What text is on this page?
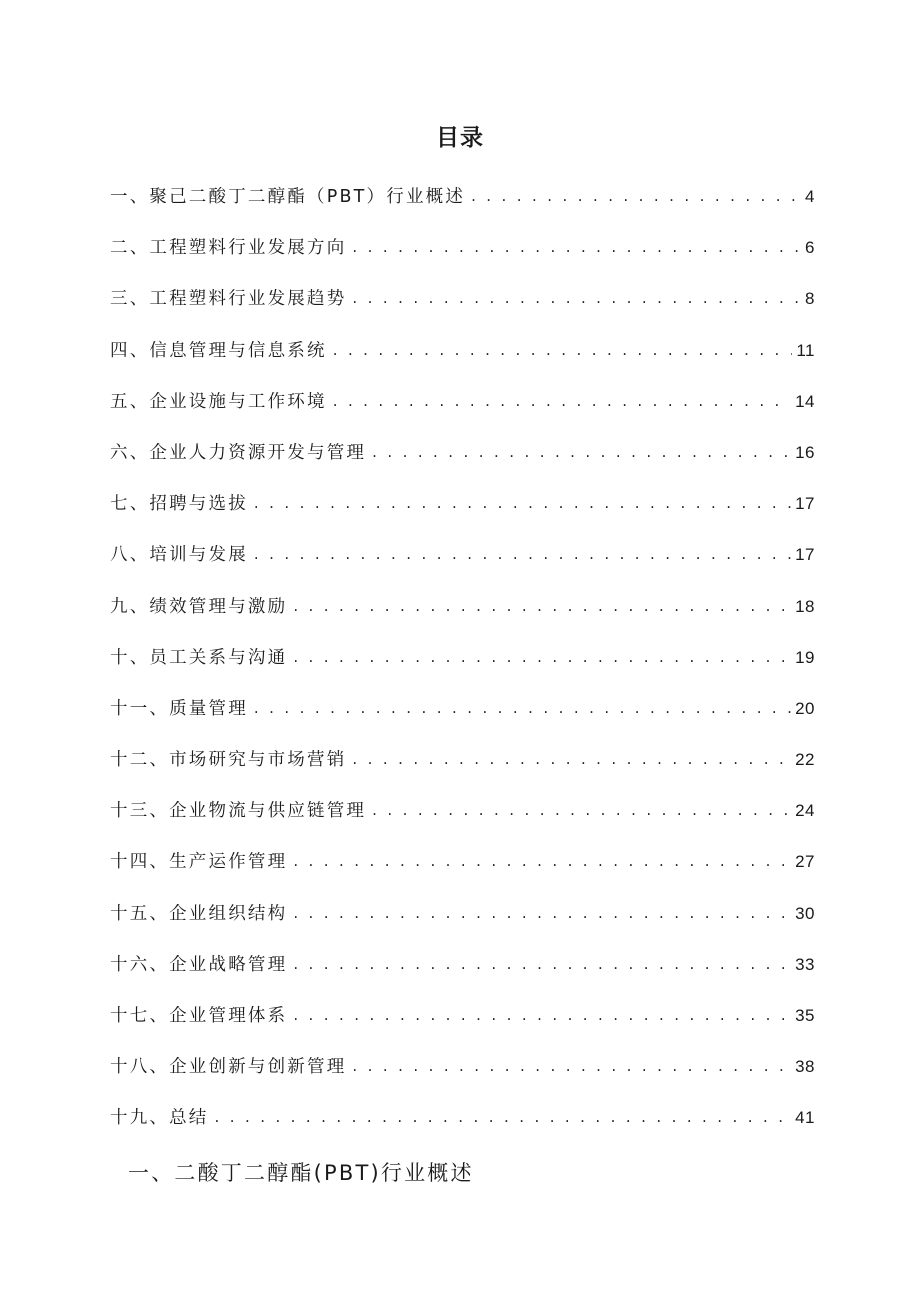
目录
一、聚己二酸丁二醇酯（PBT）行业概述 . . .	4
二、工程塑料行业发展方向 . . .	6
三、工程塑料行业发展趋势 . . .	8
四、信息管理与信息系统 . . .	11
五、企业设施与工作环境 . . .	14
六、企业人力资源开发与管理 . . .	16
七、招聘与选拔 . . .	17
八、培训与发展 . . .	17
九、绩效管理与激励 . . .	18
十、员工关系与沟通 . . .	19
十一、质量管理 . . .	20
十二、市场研究与市场营销 . . .	22
十三、企业物流与供应链管理 . . .	24
十四、生产运作管理 . . .	27
十五、企业组织结构 . . .	30
十六、企业战略管理 . . .	33
十七、企业管理体系 . . .	35
十八、企业创新与创新管理 . . .	38
十九、总结 . . .	41
一、二酸丁二醇酯(PBT)行业概述
